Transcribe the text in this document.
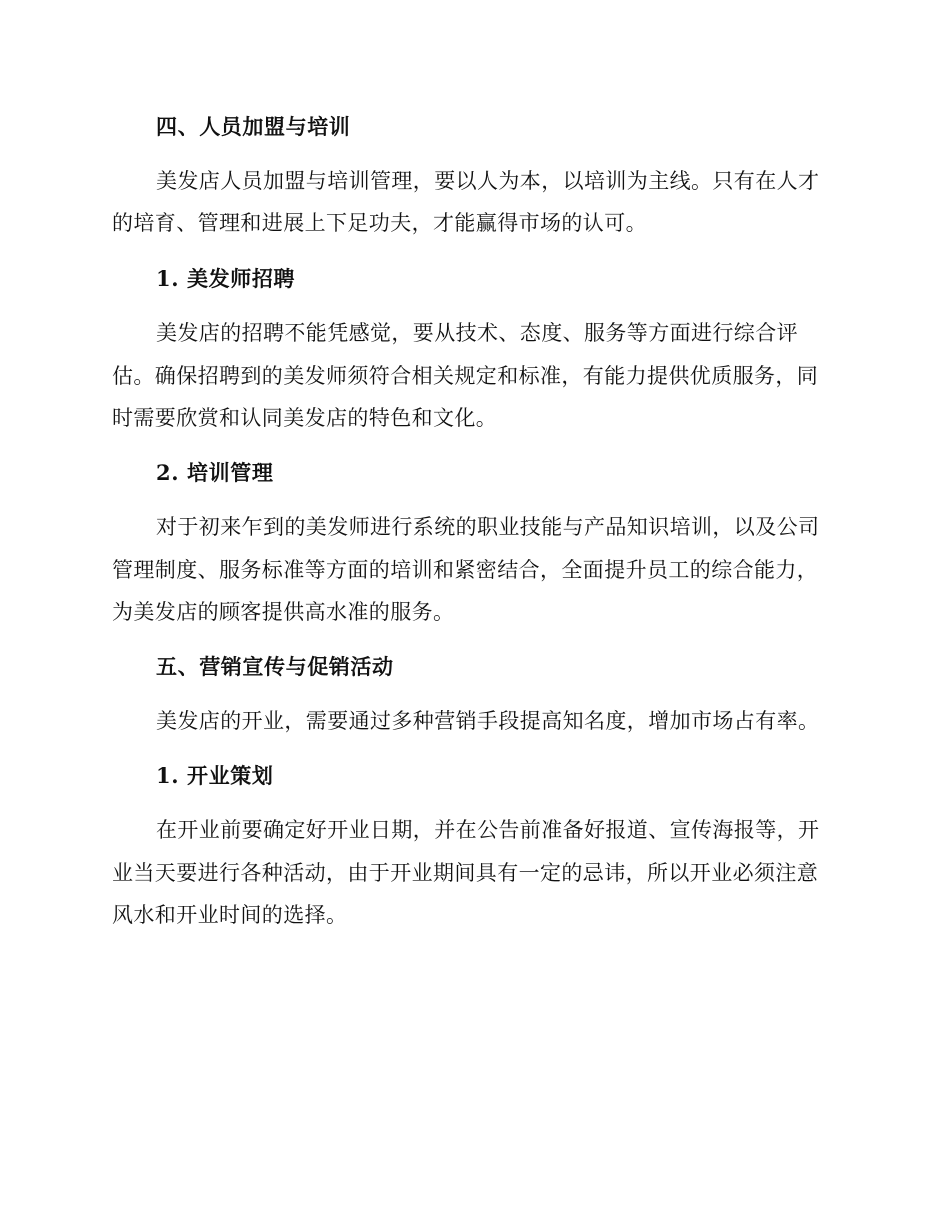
四、人员加盟与培训
美发店人员加盟与培训管理，要以人为本，以培训为主线。只有在人才
的培育、管理和进展上下足功夫，才能赢得市场的认可。
1. 美发师招聘
美发店的招聘不能凭感觉，要从技术、态度、服务等方面进行综合评
估。确保招聘到的美发师须符合相关规定和标准，有能力提供优质服务，同
时需要欣赏和认同美发店的特色和文化。
2. 培训管理
对于初来乍到的美发师进行系统的职业技能与产品知识培训，以及公司
管理制度、服务标准等方面的培训和紧密结合，全面提升员工的综合能力，
为美发店的顾客提供高水准的服务。
五、营销宣传与促销活动
美发店的开业，需要通过多种营销手段提高知名度，增加市场占有率。
1. 开业策划
在开业前要确定好开业日期，并在公告前准备好报道、宣传海报等，开
业当天要进行各种活动，由于开业期间具有一定的忌讳，所以开业必须注意
风水和开业时间的选择。
